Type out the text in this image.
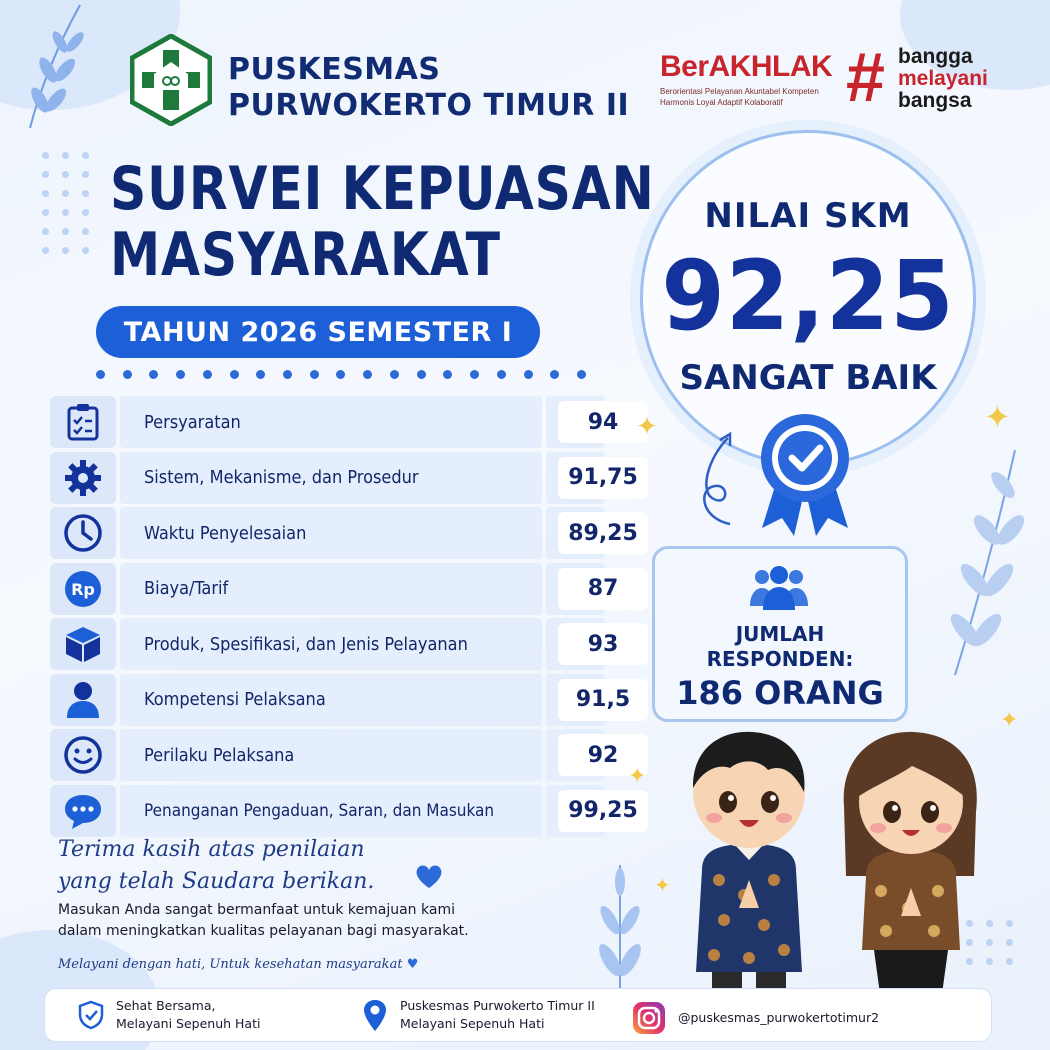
PUSKESMAS
PURWOKERTO TIMUR II
BerAKHLAK
Berorientasi Pelayanan Akuntabel Kompeten
Harmonis Loyal Adaptif Kolaboratif # bangga
melayani
bangsa
SURVEI KEPUASAN
MASYARAKAT
TAHUN 2026 SEMESTER I
Persyaratan	94
Sistem, Mekanisme, dan Prosedur	91,75
Waktu Penyelesaian	89,25
Rp	Biaya/Tarif	87
Produk, Spesifikasi, dan Jenis Pelayanan	93
Kompetensi Pelaksana	91,5
Perilaku Pelaksana	92
Penanganan Pengaduan, Saran, dan Masukan	99,25
NILAI SKM
92,25
SANGAT BAIK
JUMLAH
RESPONDEN:
186 ORANG
✦	✦
✦
✦
✦
Terima kasih atas penilaian
yang telah Saudara berikan.
Masukan Anda sangat bermanfaat untuk kemajuan kami
dalam meningkatkan kualitas pelayanan bagi masyarakat.
Melayani dengan hati, Untuk kesehatan masyarakat ♥
Sehat Bersama,
Melayani Sepenuh Hati
Puskesmas Purwokerto Timur II
Melayani Sepenuh Hati	@puskesmas_purwokertotimur2
